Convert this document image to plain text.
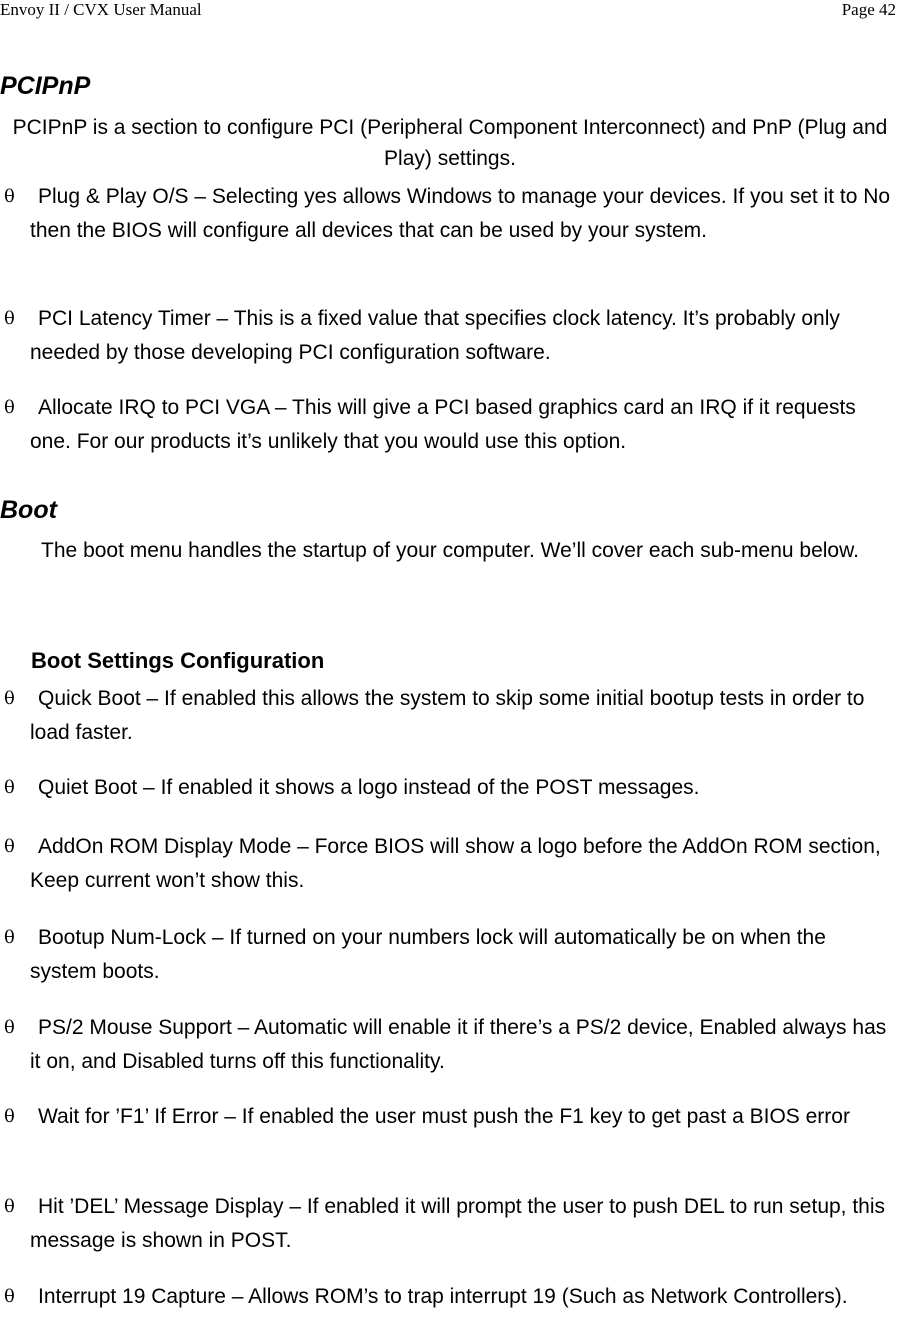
Envoy II / CVX User Manual	Page 42
PCIPnP
PCIPnP is a section to configure PCI (Peripheral Component Interconnect) and PnP (Plug and Play) settings.
θ	Plug & Play O/S – Selecting yes allows Windows to manage your devices. If you set it to No then the BIOS will configure all devices that can be used by your system.
θ	PCI Latency Timer – This is a fixed value that specifies clock latency. It’s probably only needed by those developing PCI configuration software.
θ	Allocate IRQ to PCI VGA – This will give a PCI based graphics card an IRQ if it requests one. For our products it’s unlikely that you would use this option.
Boot
The boot menu handles the startup of your computer. We’ll cover each sub-menu below.
Boot Settings Configuration
θ	Quick Boot – If enabled this allows the system to skip some initial bootup tests in order to load faster.
θ	Quiet Boot – If enabled it shows a logo instead of the POST messages.
θ	AddOn ROM Display Mode – Force BIOS will show a logo before the AddOn ROM section, Keep current won’t show this.
θ	Bootup Num-Lock – If turned on your numbers lock will automatically be on when the system boots.
θ	PS/2 Mouse Support – Automatic will enable it if there’s a PS/2 device, Enabled always has it on, and Disabled turns off this functionality.
θ	Wait for ’F1’ If Error – If enabled the user must push the F1 key to get past a BIOS error
θ	Hit ’DEL’ Message Display – If enabled it will prompt the user to push DEL to run setup, this message is shown in POST.
θ	Interrupt 19 Capture – Allows ROM’s to trap interrupt 19 (Such as Network Controllers).
